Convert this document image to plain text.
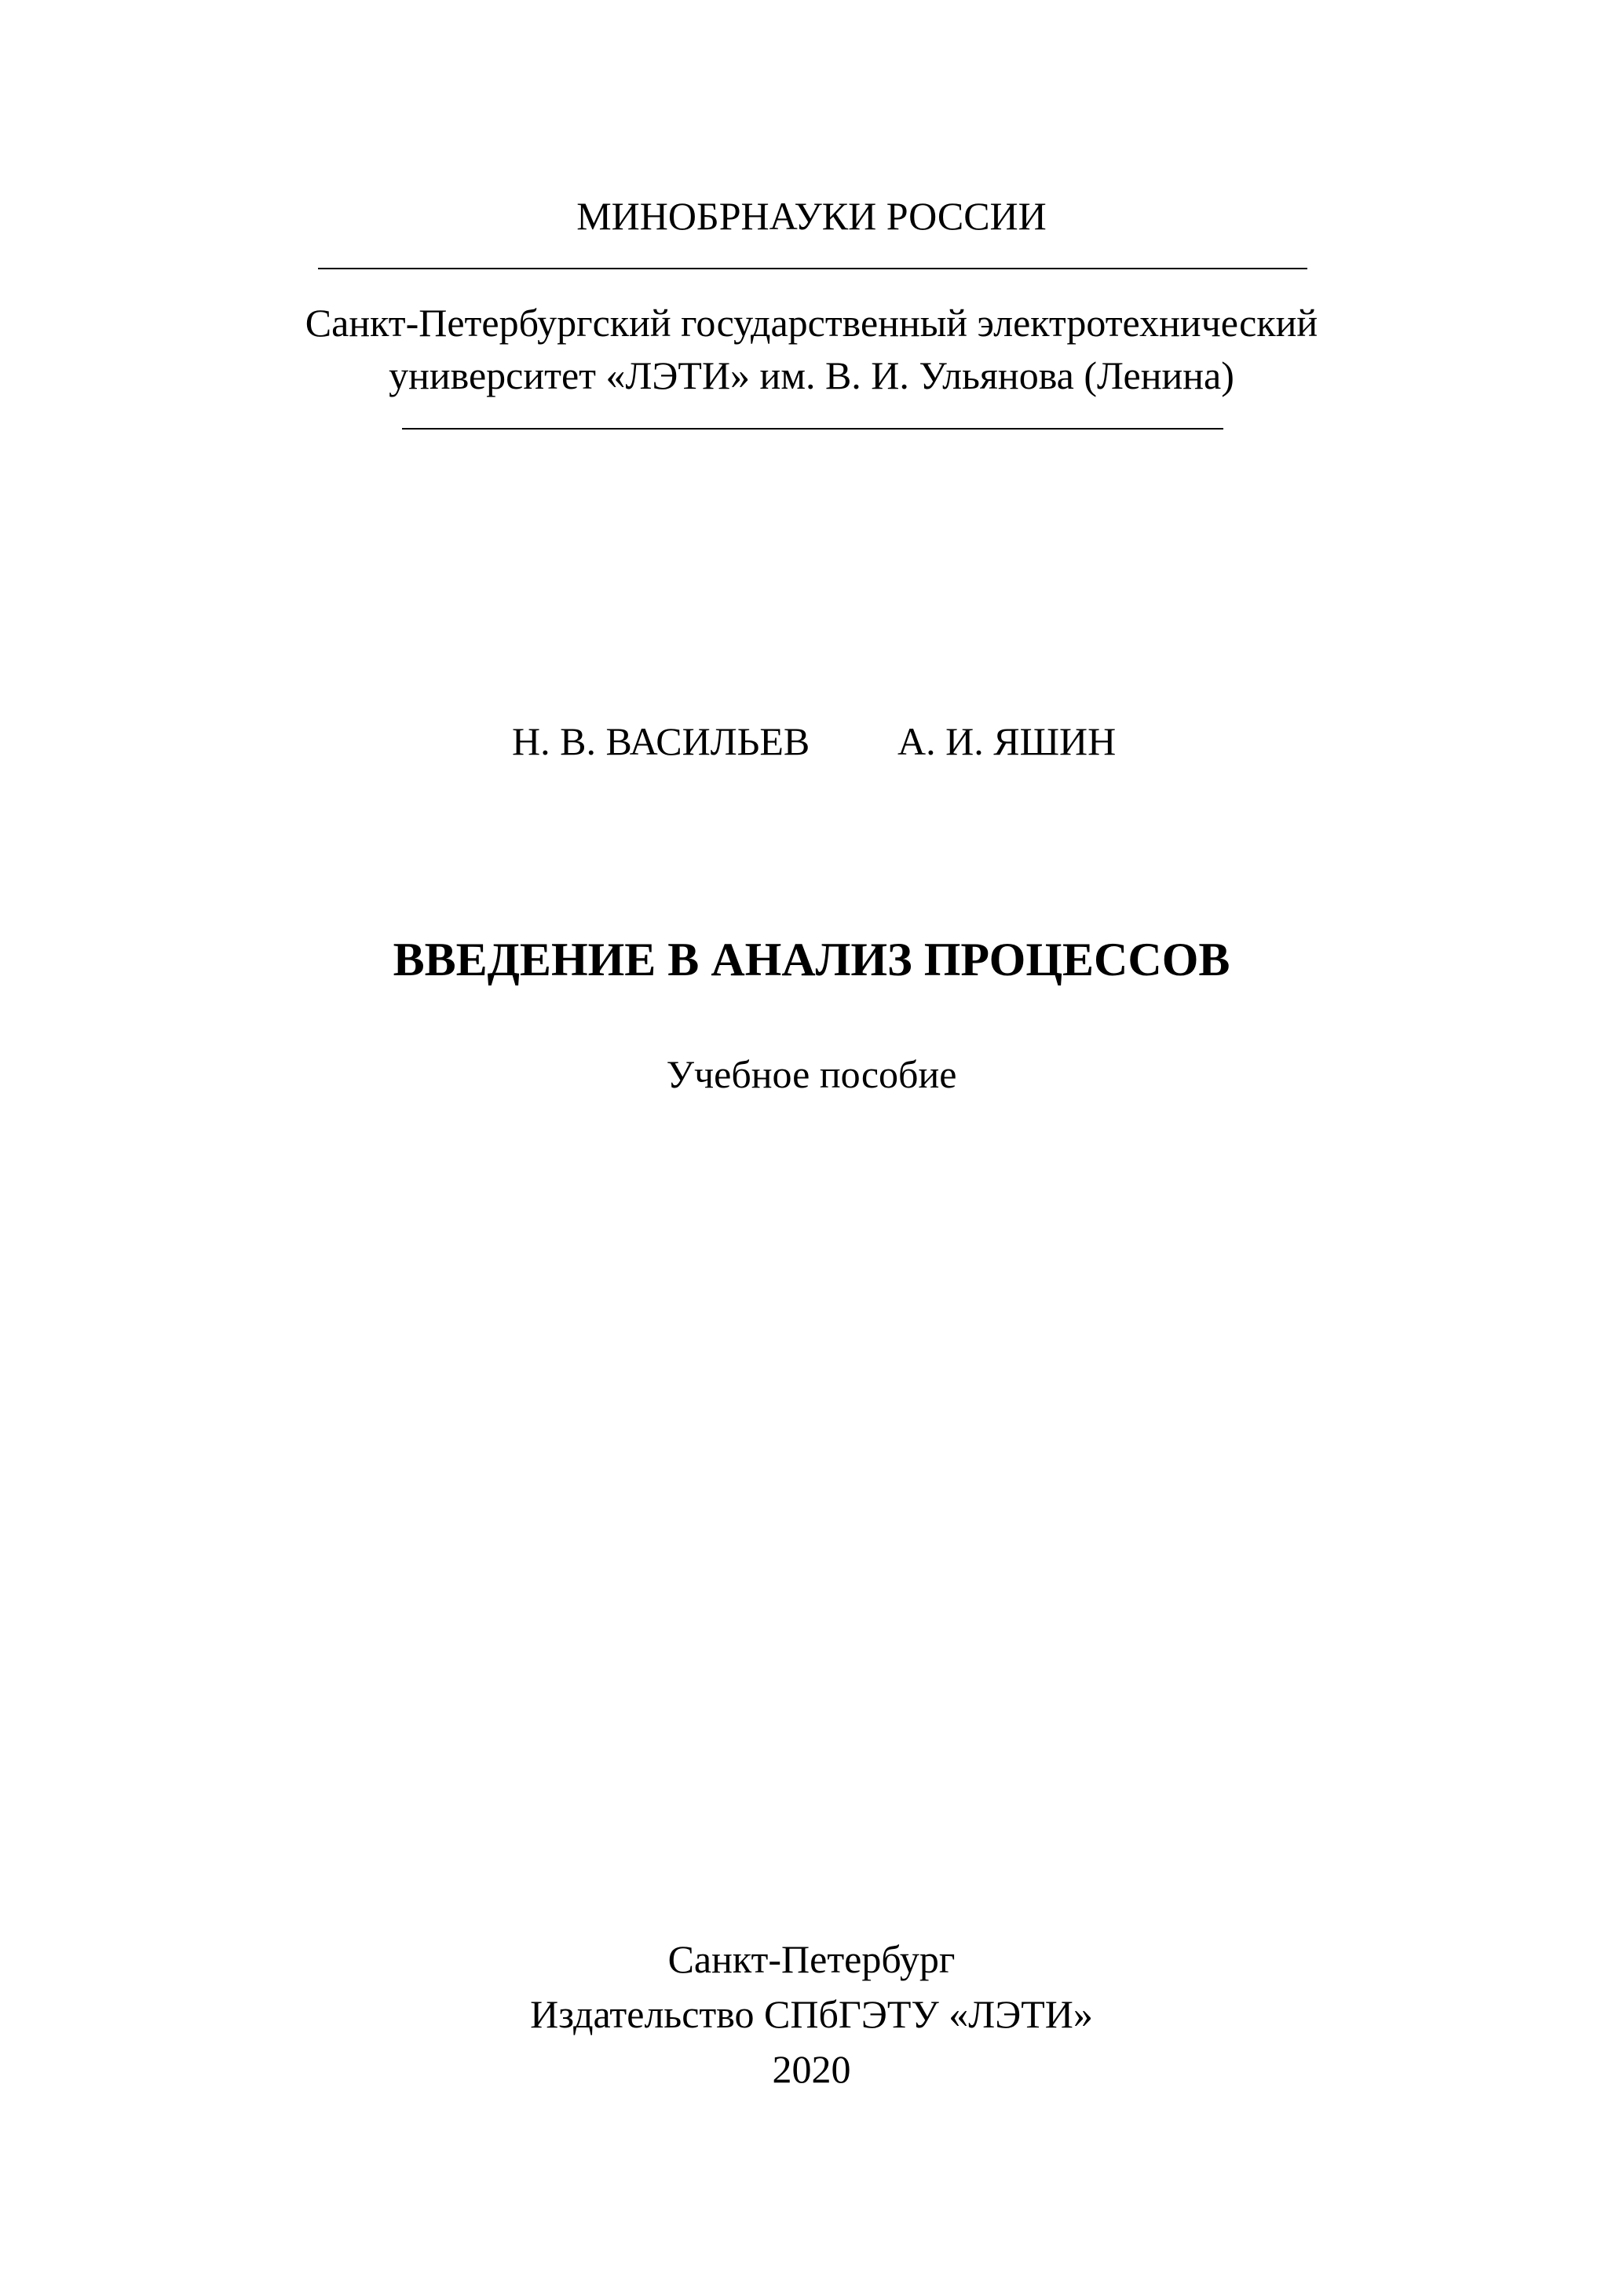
МИНОБРНАУКИ РОССИИ
Санкт-Петербургский государственный электротехнический
университет «ЛЭТИ» им. В. И. Ульянова (Ленина)
Н. В. ВАСИЛЬЕВ А. И. ЯШИН
ВВЕДЕНИЕ В АНАЛИЗ ПРОЦЕССОВ
Учебное пособие
Санкт-Петербург
Издательство СПбГЭТУ «ЛЭТИ»
2020
